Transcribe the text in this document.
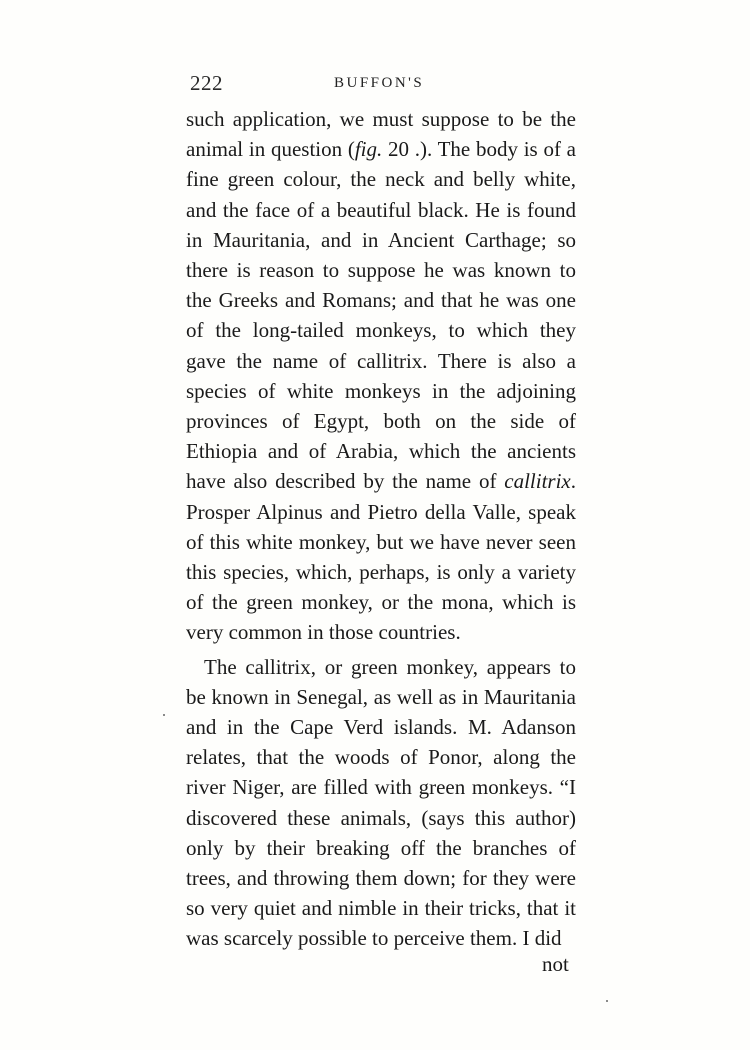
222	BUFFON'S

such application, we must suppose to be the animal in question (fig. 20 .). The body is of a fine green colour, the neck and belly white, and the face of a beautiful black. He is found in Mauritania, and in Ancient Carthage; so there is reason to suppose he was known to the Greeks and Romans; and that he was one of the long-tailed monkeys, to which they gave the name of callitrix. There is also a species of white monkeys in the adjoining provinces of Egypt, both on the side of Ethiopia and of Arabia, which the ancients have also described by the name of callitrix. Prosper Alpinus and Pietro della Valle, speak of this white monkey, but we have never seen this species, which, perhaps, is only a variety of the green monkey, or the mona, which is very common in those countries.

The callitrix, or green monkey, appears to be known in Senegal, as well as in Mauritania and in the Cape Verd islands. M. Adanson relates, that the woods of Ponor, along the river Niger, are filled with green monkeys. “I discovered these animals, (says this author) only by their breaking off the branches of trees, and throwing them down; for they were so very quiet and nimble in their tricks, that it was scarcely possible to perceive them. I did

not
